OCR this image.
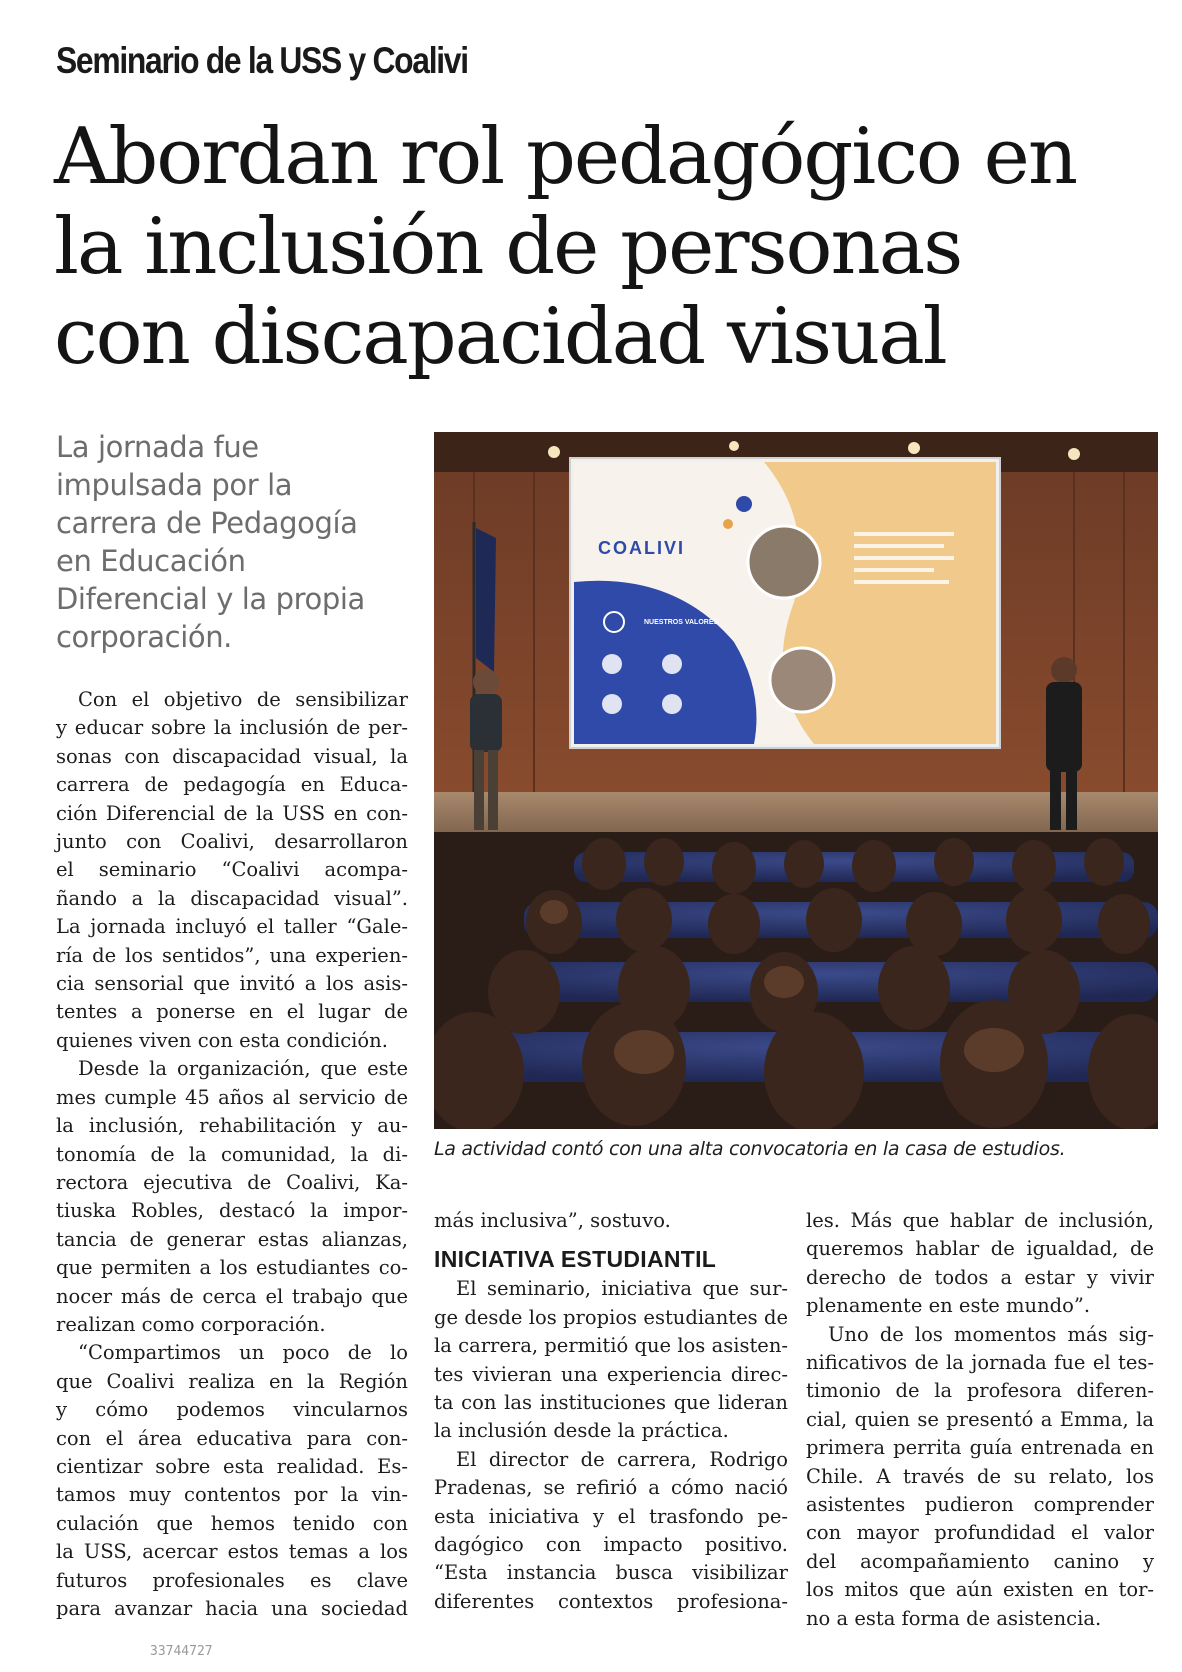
Seminario de la USS y Coalivi
Abordan rol pedagógico en
la inclusión de personas
con discapacidad visual
La jornada fue
impulsada por la
carrera de Pedagogía
en Educación
Diferencial y la propia
corporación.
Con el objetivo de sensibilizar
y educar sobre la inclusión de per-
sonas con discapacidad visual, la
carrera de pedagogía en Educa-
ción Diferencial de la USS en con-
junto con Coalivi, desarrollaron
el seminario “Coalivi acompa-
ñando a la discapacidad visual”.
La jornada incluyó el taller “Gale-
ría de los sentidos”, una experien-
cia sensorial que invitó a los asis-
tentes a ponerse en el lugar de
quienes viven con esta condición.
Desde la organización, que este
mes cumple 45 años al servicio de
la inclusión, rehabilitación y au-
tonomía de la comunidad, la di-
rectora ejecutiva de Coalivi, Ka-
tiuska Robles, destacó la impor-
tancia de generar estas alianzas,
que permiten a los estudiantes co-
nocer más de cerca el trabajo que
realizan como corporación.
“Compartimos un poco de lo
que Coalivi realiza en la Región
y cómo podemos vincularnos
con el área educativa para con-
cientizar sobre esta realidad. Es-
tamos muy contentos por la vin-
culación que hemos tenido con
la USS, acercar estos temas a los
futuros profesionales es clave
para avanzar hacia una sociedad
COALIVI
NUESTROS VALORES
La actividad contó con una alta convocatoria en la casa de estudios.
más inclusiva”, sostuvo.
INICIATIVA ESTUDIANTIL
El seminario, iniciativa que sur-
ge desde los propios estudiantes de
la carrera, permitió que los asisten-
tes vivieran una experiencia direc-
ta con las instituciones que lideran
la inclusión desde la práctica.
El director de carrera, Rodrigo
Pradenas, se refirió a cómo nació
esta iniciativa y el trasfondo pe-
dagógico con impacto positivo.
“Esta instancia busca visibilizar
diferentes contextos profesiona-
les. Más que hablar de inclusión,
queremos hablar de igualdad, de
derecho de todos a estar y vivir
plenamente en este mundo”.
Uno de los momentos más sig-
nificativos de la jornada fue el tes-
timonio de la profesora diferen-
cial, quien se presentó a Emma, la
primera perrita guía entrenada en
Chile. A través de su relato, los
asistentes pudieron comprender
con mayor profundidad el valor
del acompañamiento canino y
los mitos que aún existen en tor-
no a esta forma de asistencia.
33744727
